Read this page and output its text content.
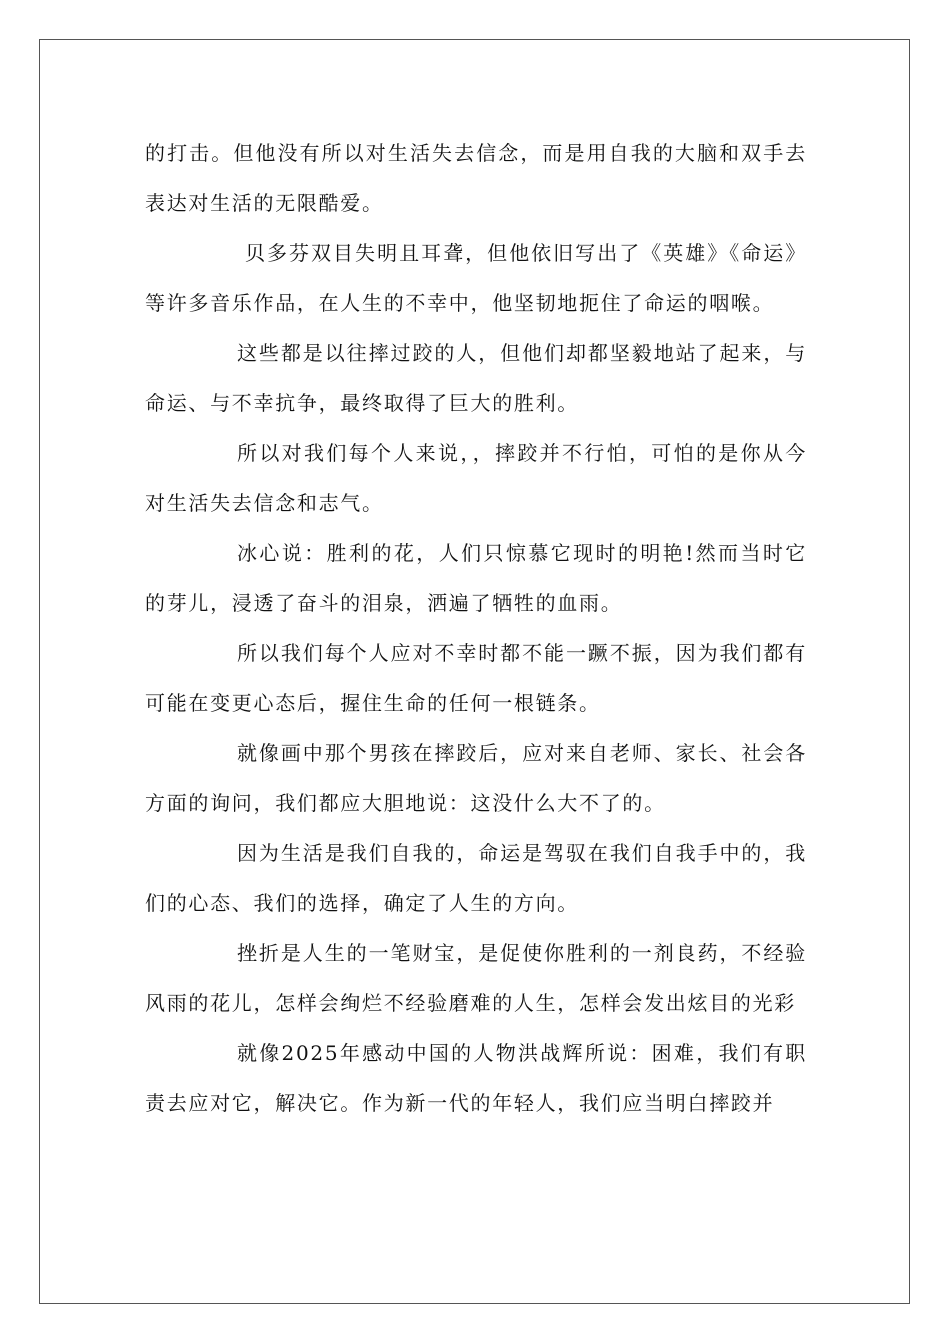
的打击。但他没有所以对生活失去信念，而是用自我的大脑和双手去表达对生活的无限酷爱。

贝多芬双目失明且耳聋，但他依旧写出了《英雄》《命运》等许多音乐作品，在人生的不幸中，他坚韧地扼住了命运的咽喉。

这些都是以往摔过跤的人，但他们却都坚毅地站了起来，与命运、与不幸抗争，最终取得了巨大的胜利。

所以对我们每个人来说，，摔跤并不行怕，可怕的是你从今对生活失去信念和志气。

冰心说：胜利的花，人们只惊慕它现时的明艳!然而当时它的芽儿，浸透了奋斗的泪泉，洒遍了牺牲的血雨。

所以我们每个人应对不幸时都不能一蹶不振，因为我们都有可能在变更心态后，握住生命的任何一根链条。

就像画中那个男孩在摔跤后，应对来自老师、家长、社会各方面的询问，我们都应大胆地说：这没什么大不了的。

因为生活是我们自我的，命运是驾驭在我们自我手中的，我们的心态、我们的选择，确定了人生的方向。

挫折是人生的一笔财宝，是促使你胜利的一剂良药，不经验风雨的花儿，怎样会绚烂不经验磨难的人生，怎样会发出炫目的光彩

就像2025年感动中国的人物洪战辉所说：困难，我们有职责去应对它，解决它。作为新一代的年轻人，我们应当明白摔跤并
